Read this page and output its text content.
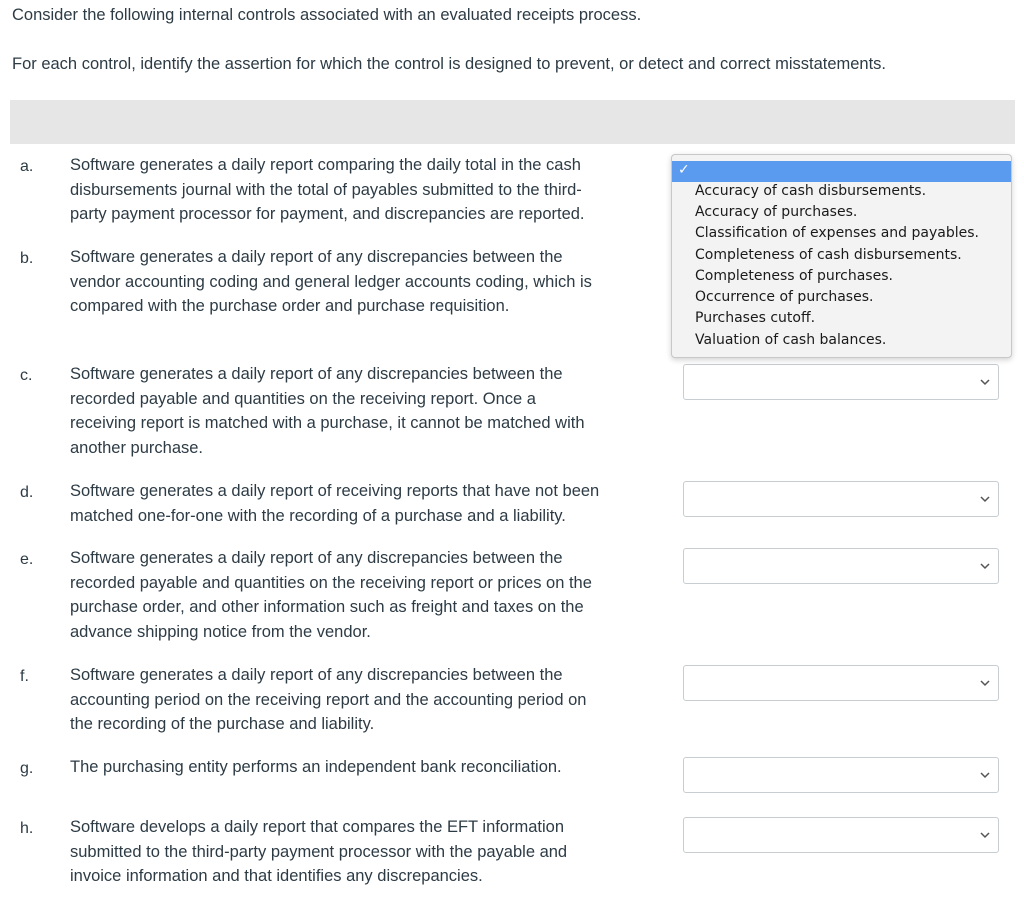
Consider the following internal controls associated with an evaluated receipts process.
For each control, identify the assertion for which the control is designed to prevent, or detect and correct misstatements.
a. Software generates a daily report comparing the daily total in the cash
disbursements journal with the total of payables submitted to the third-
party payment processor for payment, and discrepancies are reported.
b. Software generates a daily report of any discrepancies between the
vendor accounting coding and general ledger accounts coding, which is
compared with the purchase order and purchase requisition.
c. Software generates a daily report of any discrepancies between the
recorded payable and quantities on the receiving report. Once a
receiving report is matched with a purchase, it cannot be matched with
another purchase.
d. Software generates a daily report of receiving reports that have not been
matched one-for-one with the recording of a purchase and a liability.
e. Software generates a daily report of any discrepancies between the
recorded payable and quantities on the receiving report or prices on the
purchase order, and other information such as freight and taxes on the
advance shipping notice from the vendor.
f. Software generates a daily report of any discrepancies between the
accounting period on the receiving report and the accounting period on
the recording of the purchase and liability.
g. The purchasing entity performs an independent bank reconciliation.
h. Software develops a daily report that compares the EFT information
submitted to the third-party payment processor with the payable and
invoice information and that identifies any discrepancies.
✓
Accuracy of cash disbursements.
Accuracy of purchases.
Classification of expenses and payables.
Completeness of cash disbursements.
Completeness of purchases.
Occurrence of purchases.
Purchases cutoff.
Valuation of cash balances.
